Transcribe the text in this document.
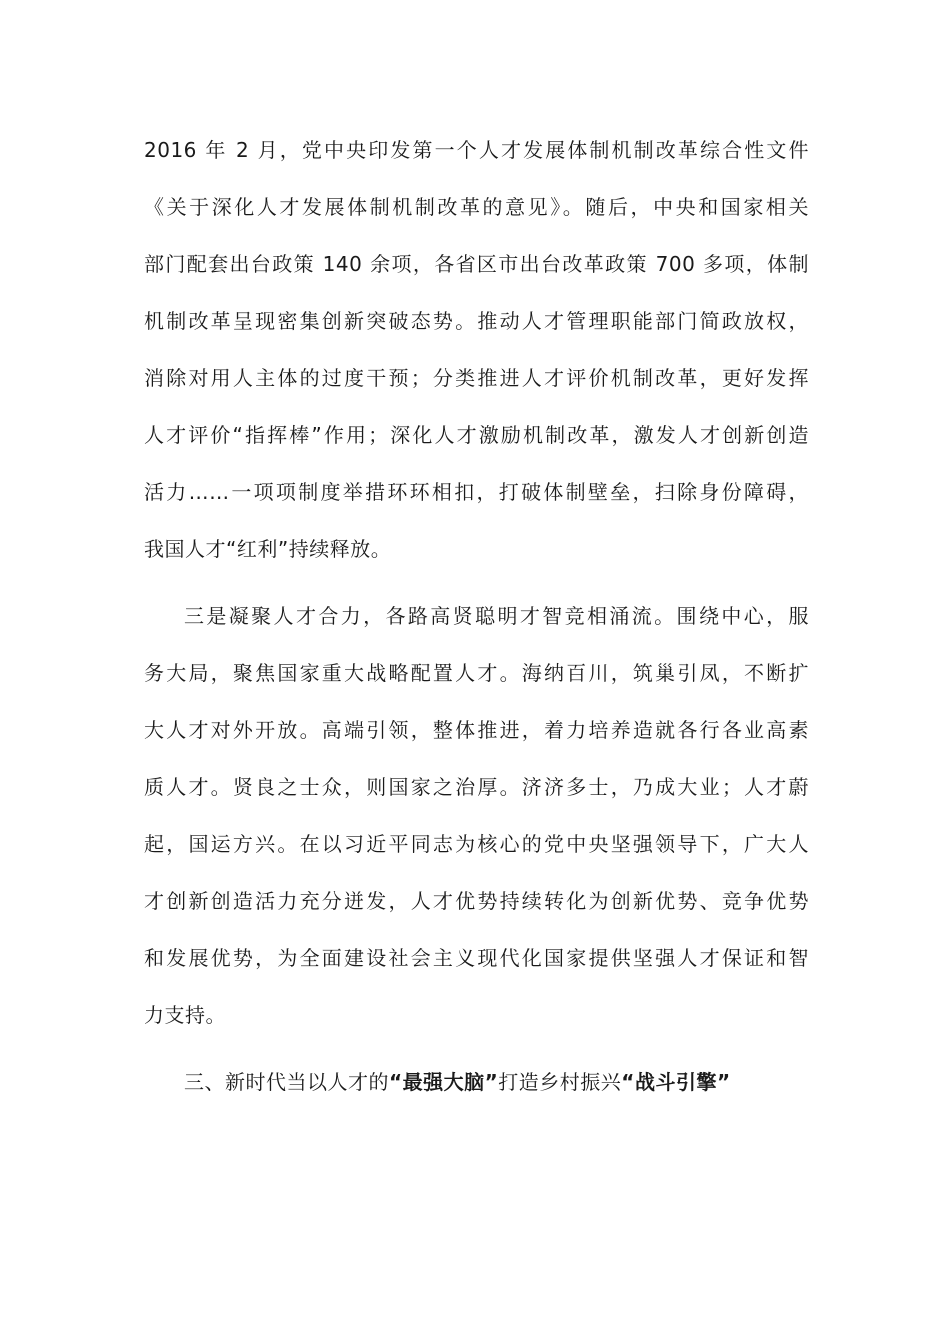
2016 年 2 月，党中央印发第一个人才发展体制机制改革综合性文件
《关于深化人才发展体制机制改革的意见》。随后，中央和国家相关
部门配套出台政策 140 余项，各省区市出台改革政策 700 多项，体制
机制改革呈现密集创新突破态势。推动人才管理职能部门简政放权，
消除对用人主体的过度干预；分类推进人才评价机制改革，更好发挥
人才评价“指挥棒”作用；深化人才激励机制改革，激发人才创新创造
活力……一项项制度举措环环相扣，打破体制壁垒，扫除身份障碍，
我国人才“红利”持续释放。
三是凝聚人才合力，各路高贤聪明才智竞相涌流。围绕中心，服
务大局，聚焦国家重大战略配置人才。海纳百川，筑巢引凤，不断扩
大人才对外开放。高端引领，整体推进，着力培养造就各行各业高素
质人才。贤良之士众，则国家之治厚。济济多士，乃成大业；人才蔚
起，国运方兴。在以习近平同志为核心的党中央坚强领导下，广大人
才创新创造活力充分迸发，人才优势持续转化为创新优势、竞争优势
和发展优势，为全面建设社会主义现代化国家提供坚强人才保证和智
力支持。
三、新时代当以人才的“最强大脑”打造乡村振兴“战斗引擎”
